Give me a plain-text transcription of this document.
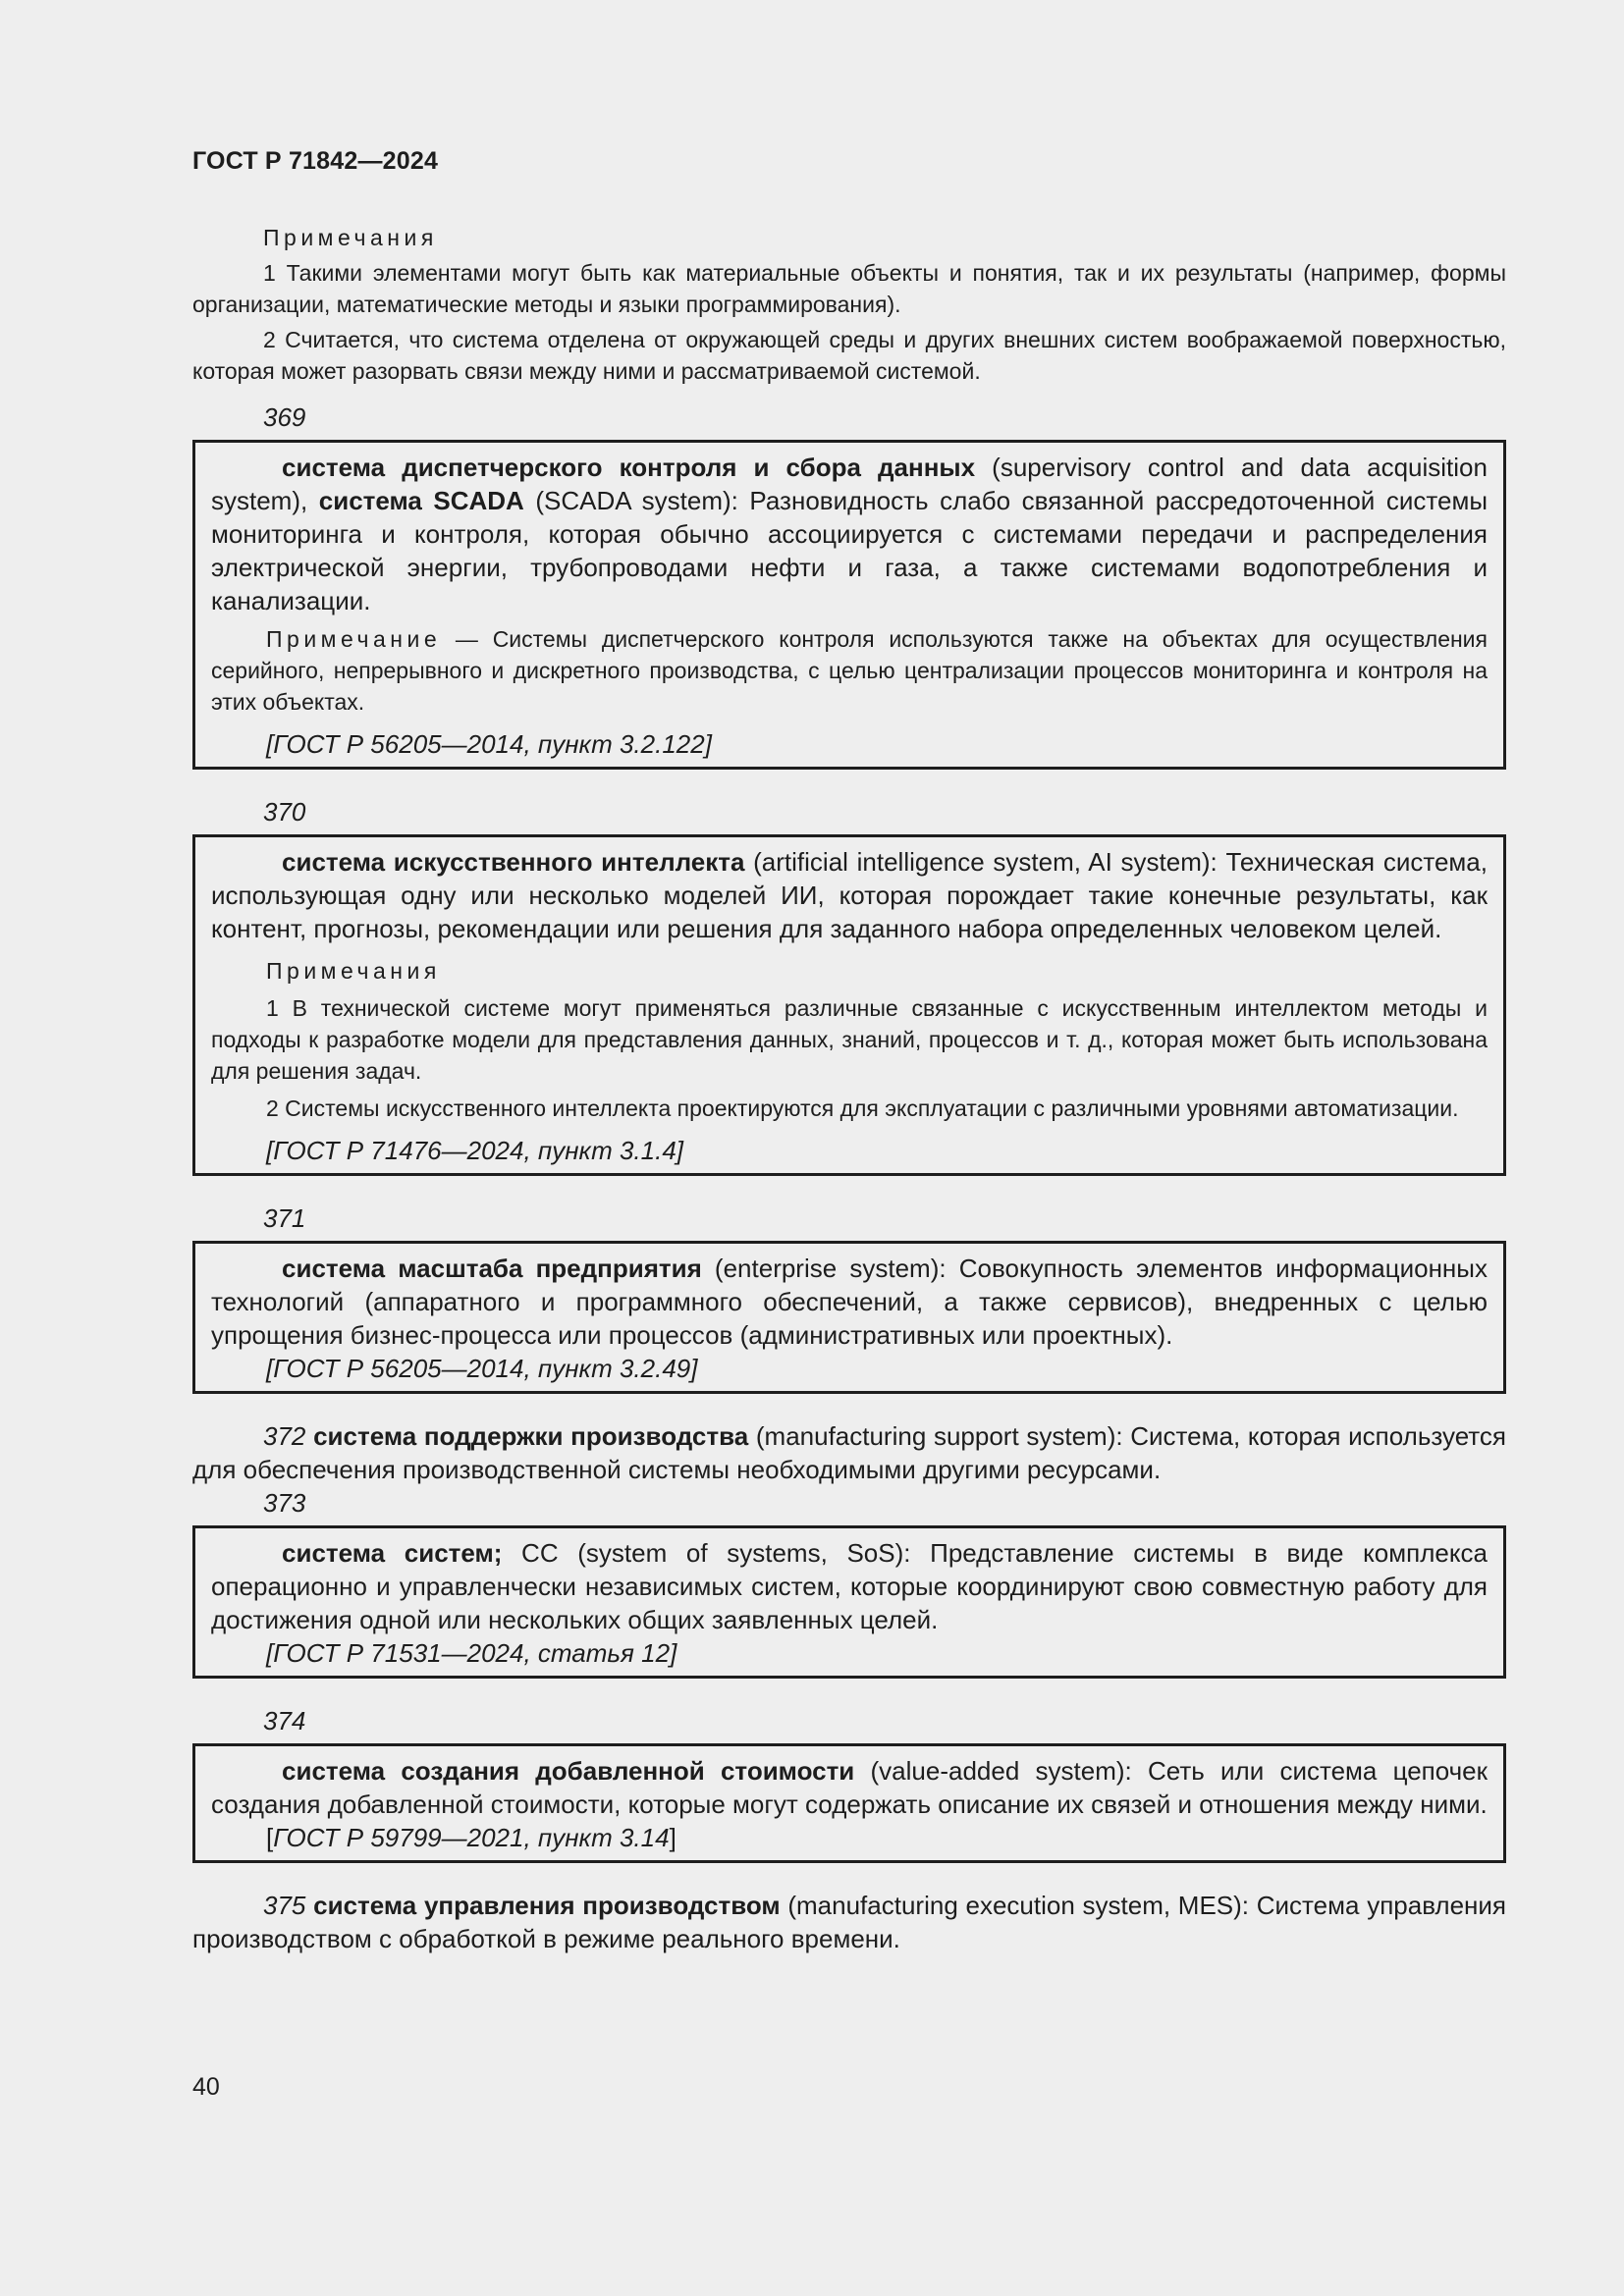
ГОСТ Р 71842—2024
Примечания

1 Такими элементами могут быть как материальные объекты и понятия, так и их результаты (например, формы организации, математические методы и языки программирования).

2 Считается, что система отделена от окружающей среды и других внешних систем воображаемой поверхностью, которая может разорвать связи между ними и рассматриваемой системой.

369

система диспетчерского контроля и сбора данных (supervisory control and data acquisition system), система SCADA (SCADA system): Разновидность слабо связанной рассредоточенной системы мониторинга и контроля, которая обычно ассоциируется с системами передачи и распределения электрической энергии, трубопроводами нефти и газа, а также системами водопотребления и канализации.

Примечание — Системы диспетчерского контроля используются также на объектах для осуществления серийного, непрерывного и дискретного производства, с целью централизации процессов мониторинга и контроля на этих объектах.

[ГОСТ Р 56205—2014, пункт 3.2.122]

370

система искусственного интеллекта (artificial intelligence system, AI system): Техническая система, использующая одну или несколько моделей ИИ, которая порождает такие конечные результаты, как контент, прогнозы, рекомендации или решения для заданного набора определенных человеком целей.

Примечания

1 В технической системе могут применяться различные связанные с искусственным интеллектом методы и подходы к разработке модели для представления данных, знаний, процессов и т. д., которая может быть использована для решения задач.

2 Системы искусственного интеллекта проектируются для эксплуатации с различными уровнями автоматизации.

[ГОСТ Р 71476—2024, пункт 3.1.4]

371

система масштаба предприятия (enterprise system): Совокупность элементов информационных технологий (аппаратного и программного обеспечений, а также сервисов), внедренных с целью упрощения бизнес-процесса или процессов (административных или проектных).

[ГОСТ Р 56205—2014, пункт 3.2.49]

372 система поддержки производства (manufacturing support system): Система, которая используется для обеспечения производственной системы необходимыми другими ресурсами.

373

система систем; СС (system of systems, SoS): Представление системы в виде комплекса операционно и управленчески независимых систем, которые координируют свою совместную работу для достижения одной или нескольких общих заявленных целей.

[ГОСТ Р 71531—2024, статья 12]

374

система создания добавленной стоимости (value-added system): Сеть или система цепочек создания добавленной стоимости, которые могут содержать описание их связей и отношения между ними.

[ГОСТ Р 59799—2021, пункт 3.14]

375 система управления производством (manufacturing execution system, MES): Система управления производством с обработкой в режиме реального времени.

40
